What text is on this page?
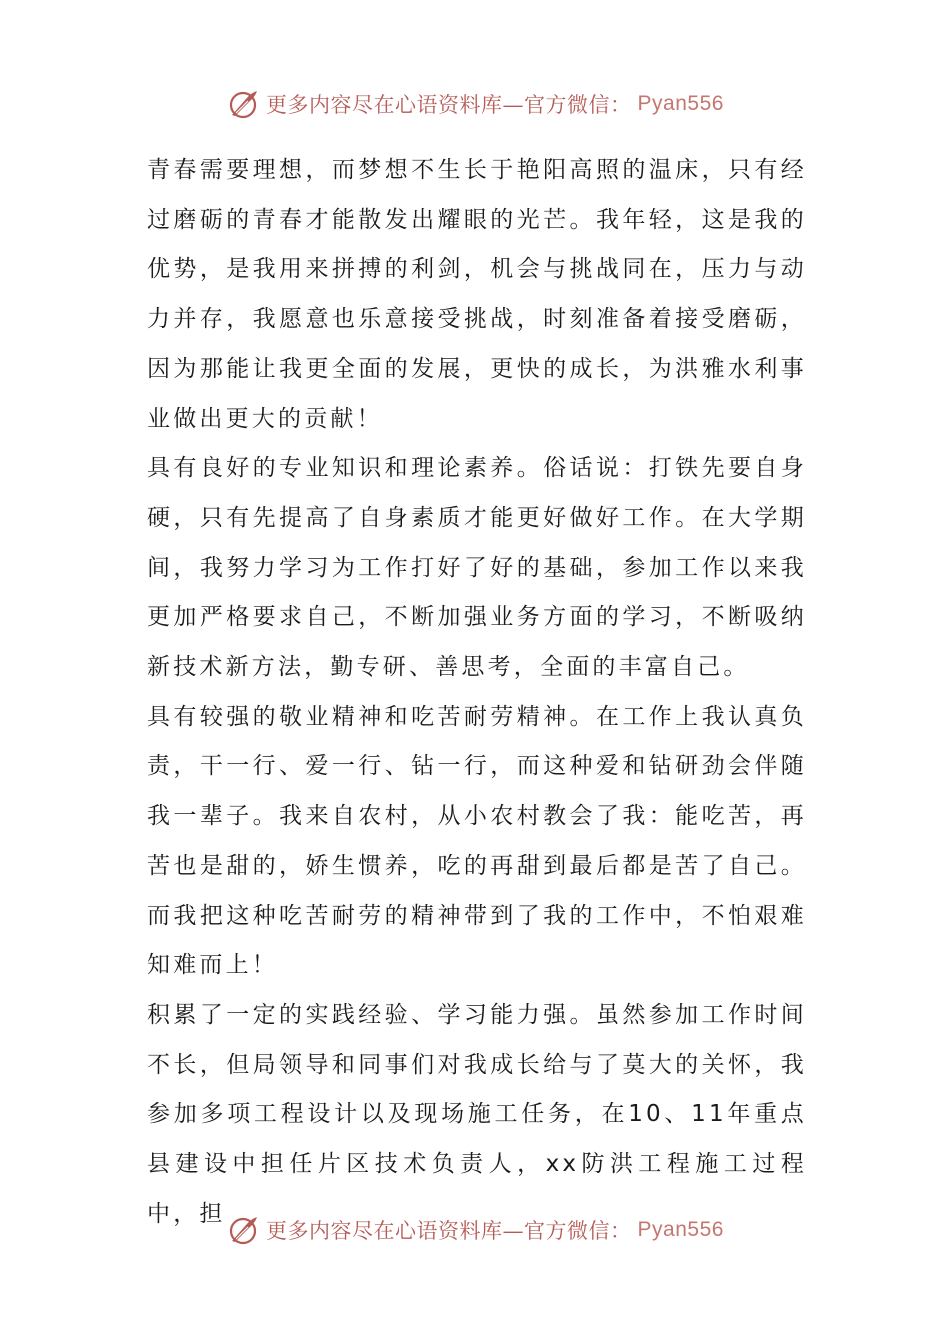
更多内容尽在心语资料库—官方微信： Pyan556

青春需要理想，而梦想不生长于艳阳高照的温床，只有经过磨砺的青春才能散发出耀眼的光芒。我年轻，这是我的优势，是我用来拼搏的利剑，机会与挑战同在，压力与动力并存，我愿意也乐意接受挑战，时刻准备着接受磨砺，因为那能让我更全面的发展，更快的成长，为洪雅水利事业做出更大的贡献！

具有良好的专业知识和理论素养。俗话说：打铁先要自身硬，只有先提高了自身素质才能更好做好工作。在大学期间，我努力学习为工作打好了好的基础，参加工作以来我更加严格要求自己，不断加强业务方面的学习，不断吸纳新技术新方法，勤专研、善思考，全面的丰富自己。

具有较强的敬业精神和吃苦耐劳精神。在工作上我认真负责，干一行、爱一行、钻一行，而这种爱和钻研劲会伴随我一辈子。我来自农村，从小农村教会了我：能吃苦，再苦也是甜的，娇生惯养，吃的再甜到最后都是苦了自己。而我把这种吃苦耐劳的精神带到了我的工作中，不怕艰难知难而上！

积累了一定的实践经验、学习能力强。虽然参加工作时间不长，但局领导和同事们对我成长给与了莫大的关怀，我参加多项工程设计以及现场施工任务，在10、11年重点县建设中担任片区技术负责人，xx防洪工程施工过程中，担

更多内容尽在心语资料库—官方微信： Pyan556
